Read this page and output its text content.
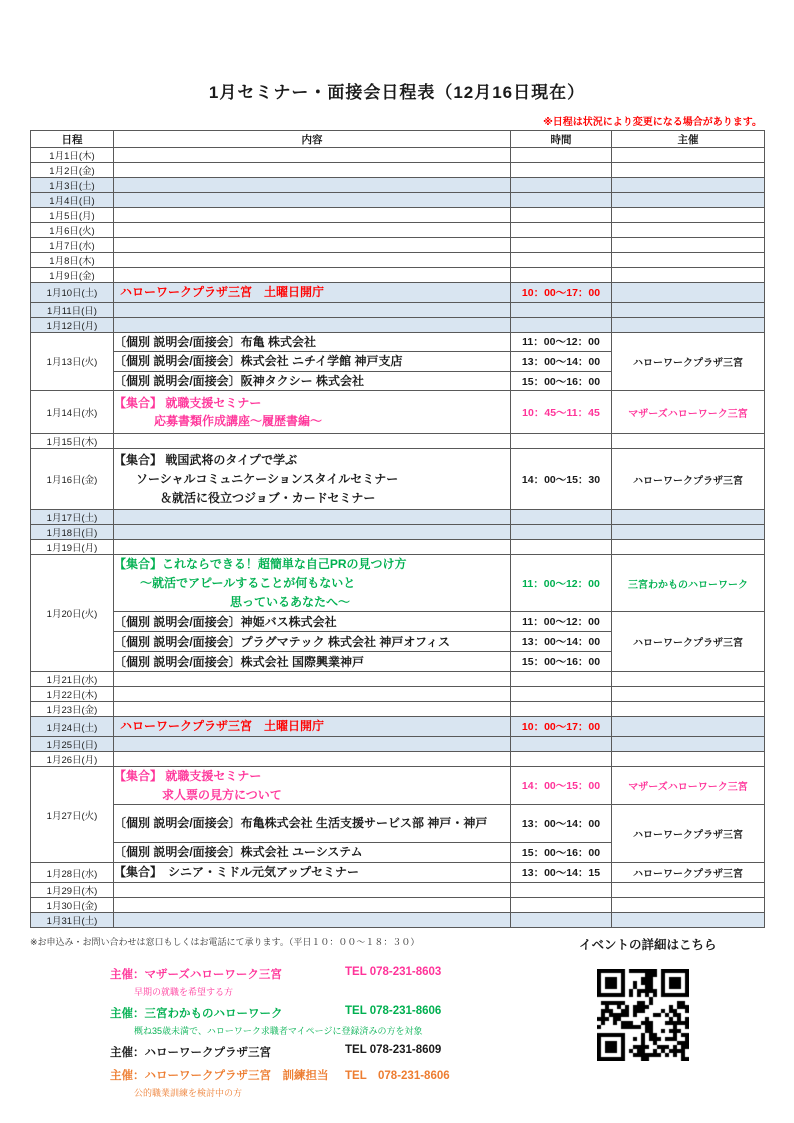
1月セミナー・面接会日程表（12月16日現在）
※日程は状況により変更になる場合があります。
日程	内容	時間	主催
1月1日(木)			
1月2日(金)			
1月3日(土)			
1月4日(日)			
1月5日(月)			
1月6日(火)			
1月7日(水)			
1月8日(木)			
1月9日(金)			
1月10日(土)	ハローワークプラザ三宮　土曜日開庁	10：00～17：00	
1月11日(日)			
1月12日(月)			
1月13日(火)	〔個別 説明会/面接会〕布亀 株式会社	11：00～12：00	ハローワークプラザ三宮

	〔個別 説明会/面接会〕株式会社 ニチイ学館 神戸支店	13：00～14：00	

	〔個別 説明会/面接会〕阪神タクシー 株式会社	15：00～16：00	
1月14日(水)	【集合】 就職支援セミナー
応募書類作成講座～履歴書編～	10：45～11：45	マザーズハローワーク三宮
1月15日(木)			
1月16日(金)	【集合】 戦国武将のタイプで学ぶ
ソーシャルコミュニケーションスタイルセミナー
＆就活に役立つジョブ・カードセミナー	14：00～15：30	ハローワークプラザ三宮
1月17日(土)			
1月18日(日)			
1月19日(月)			
1月20日(火)	【集合】これならできる！超簡単な自己PRの見つけ方
～就活でアピールすることが何もないと
思っているあなたへ～	11：00～12：00	三宮わかものハローワーク

	〔個別 説明会/面接会〕神姫バス株式会社	11：00～12：00	ハローワークプラザ三宮

	〔個別 説明会/面接会〕プラグマテック 株式会社 神戸オフィス	13：00～14：00	

	〔個別 説明会/面接会〕株式会社 国際興業神戸	15：00～16：00	
1月21日(水)			
1月22日(木)			
1月23日(金)			
1月24日(土)	ハローワークプラザ三宮　土曜日開庁	10：00～17：00	
1月25日(日)			
1月26日(月)			
1月27日(火)	【集合】 就職支援セミナー
求人票の見方について	14：00～15：00	マザーズハローワーク三宮

	〔個別 説明会/面接会〕布亀株式会社 生活支援サービス部 神戸・神戸	13：00～14：00	ハローワークプラザ三宮

	〔個別 説明会/面接会〕株式会社 ユーシステム	15：00～16：00	
1月28日(水)	【集合】　シニア・ミドル元気アップセミナー	13：00～14：15	ハローワークプラザ三宮
1月29日(木)			
1月30日(金)			
1月31日(土)			
※お申込み・お問い合わせは窓口もしくはお電話にて承ります。（平日１０：００～１８：３０）
主催：マザーズハローワーク三宮	TEL 078-231-8603
早期の就職を希望する方
主催：三宮わかものハローワーク	TEL 078-231-8606
概ね35歳未満で、ハローワーク求職者マイページに登録済みの方を対象
主催：ハローワークプラザ三宮	TEL 078-231-8609
主催：ハローワークプラザ三宮　訓練担当	TEL　078-231-8606
公的職業訓練を検討中の方
イベントの詳細はこちら
